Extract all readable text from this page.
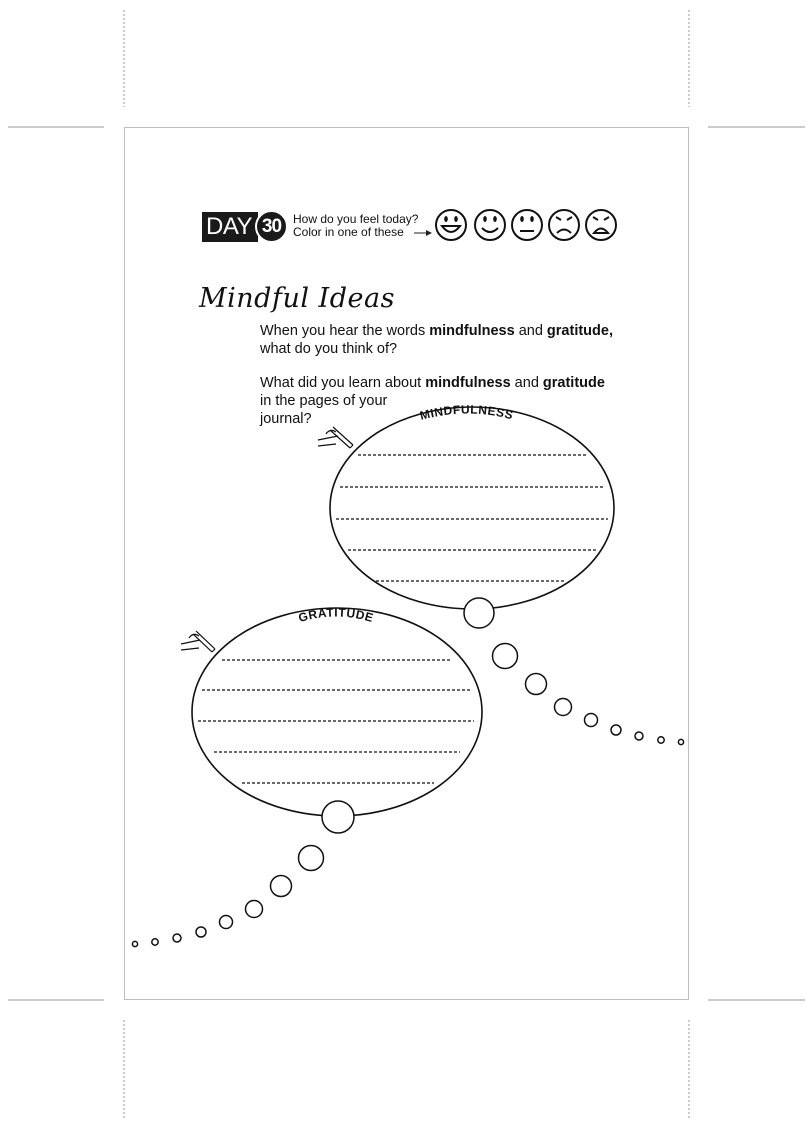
DAY 30 How do you feel today?
Color in one of these
Mindful Ideas
When you hear the words mindfulness and gratitude,
what do you think of?
What did you learn about mindfulness and gratitude
in the pages of your
journal?	MINDFULNESS
GRATITUDE
